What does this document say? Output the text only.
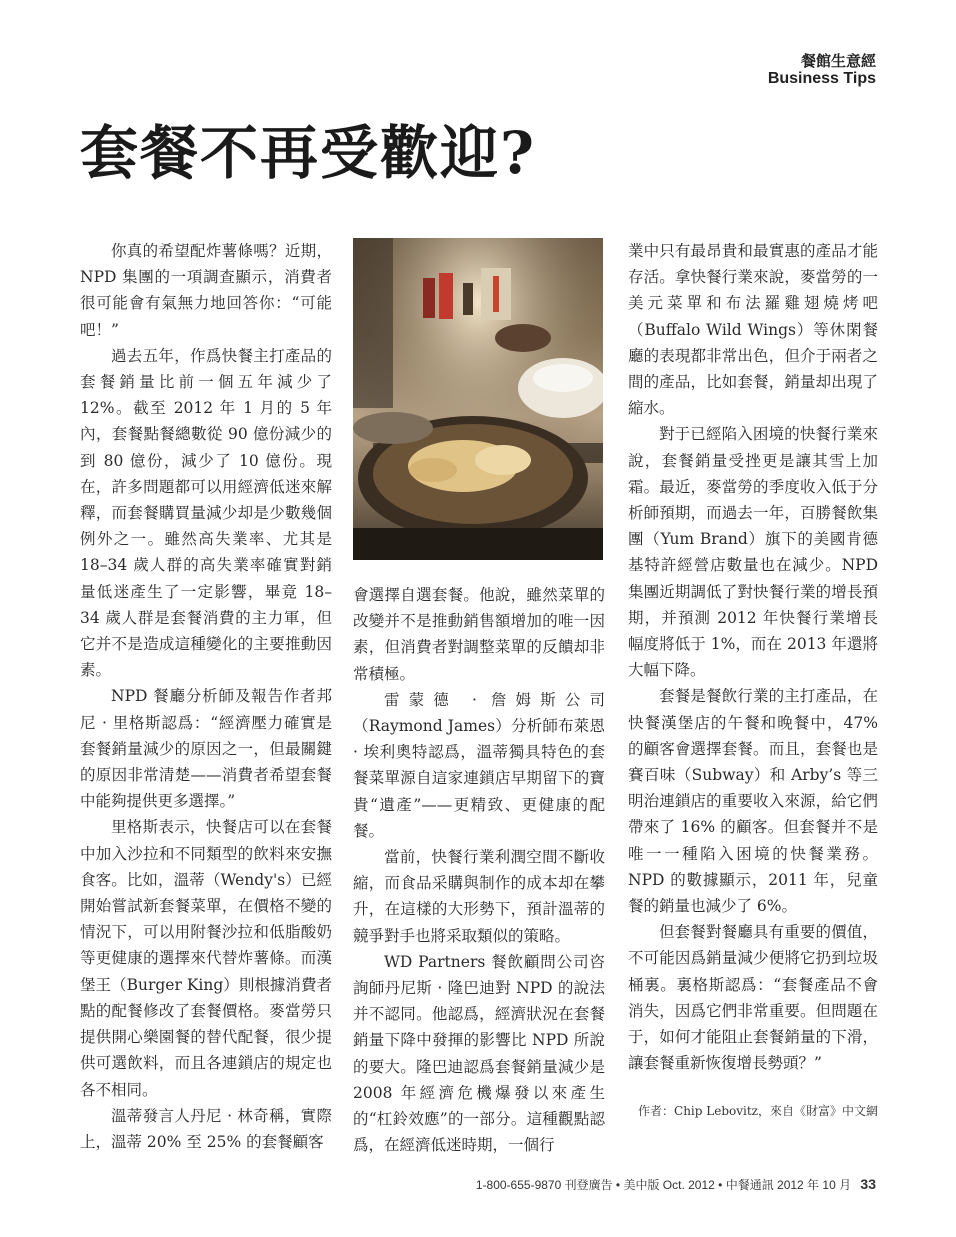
餐館生意經
Business Tips
套餐不再受歡迎?

你真的希望配炸薯條嗎？近期，NPD 集團的一項調查顯示，消費者很可能會有氣無力地回答你：“可能吧！”

過去五年，作爲快餐主打產品的套餐銷量比前一個五年減少了 12%。截至 2012 年 1 月的 5 年內，套餐點餐總數從 90 億份減少的到 80 億份，減少了 10 億份。現在，許多問題都可以用經濟低迷來解釋，而套餐購買量減少却是少數幾個例外之一。雖然高失業率、尤其是 18–34 歲人群的高失業率確實對銷量低迷產生了一定影響，畢竟 18–34 歲人群是套餐消費的主力軍，但它并不是造成這種變化的主要推動因素。

NPD 餐廳分析師及報告作者邦尼 · 里格斯認爲：“經濟壓力確實是套餐銷量減少的原因之一，但最關鍵的原因非常清楚——消費者希望套餐中能夠提供更多選擇。”

里格斯表示，快餐店可以在套餐中加入沙拉和不同類型的飲料來安撫食客。比如，溫蒂（Wendy's）已經開始嘗試新套餐菜單，在價格不變的情況下，可以用附餐沙拉和低脂酸奶等更健康的選擇來代替炸薯條。而漢堡王（Burger King）則根據消費者點的配餐修改了套餐價格。麥當勞只提供開心樂園餐的替代配餐，很少提供可選飲料，而且各連鎖店的規定也各不相同。

溫蒂發言人丹尼 · 林奇稱，實際上，溫蒂 20% 至 25% 的套餐顧客

會選擇自選套餐。他說，雖然菜單的改變并不是推動銷售額增加的唯一因素，但消費者對調整菜單的反饋却非常積極。

雷蒙德 · 詹姆斯公司（Raymond James）分析師布萊恩 · 埃利奧特認爲，溫蒂獨具特色的套餐菜單源自這家連鎖店早期留下的寶貴“遺產”——更精致、更健康的配餐。

當前，快餐行業利潤空間不斷收縮，而食品采購與制作的成本却在攀升，在這樣的大形勢下，預計溫蒂的競爭對手也將采取類似的策略。

WD Partners 餐飲顧問公司咨詢師丹尼斯 · 隆巴迪對 NPD 的說法并不認同。他認爲，經濟狀況在套餐銷量下降中發揮的影響比 NPD 所說的要大。隆巴迪認爲套餐銷量減少是 2008 年經濟危機爆發以來產生的“杠鈴效應”的一部分。這種觀點認爲，在經濟低迷時期，一個行

業中只有最昂貴和最實惠的產品才能存活。拿快餐行業來說，麥當勞的一美元菜單和布法羅雞翅燒烤吧（Buffalo Wild Wings）等休閑餐廳的表現都非常出色，但介于兩者之間的產品，比如套餐，銷量却出現了縮水。

對于已經陷入困境的快餐行業來說，套餐銷量受挫更是讓其雪上加霜。最近，麥當勞的季度收入低于分析師預期，而過去一年，百勝餐飲集團（Yum Brand）旗下的美國肯德基特許經營店數量也在減少。NPD 集團近期調低了對快餐行業的增長預期，并預測 2012 年快餐行業增長幅度將低于 1%，而在 2013 年還將大幅下降。

套餐是餐飲行業的主打產品，在快餐漢堡店的午餐和晚餐中，47% 的顧客會選擇套餐。而且，套餐也是賽百味（Subway）和 Arby’s 等三明治連鎖店的重要收入來源，給它們帶來了 16% 的顧客。但套餐并不是唯一一種陷入困境的快餐業務。NPD 的數據顯示，2011 年，兒童餐的銷量也減少了 6%。

但套餐對餐廳具有重要的價值，不可能因爲銷量減少便將它扔到垃圾桶裏。裏格斯認爲：“套餐產品不會消失，因爲它們非常重要。但問題在于，如何才能阻止套餐銷量的下滑，讓套餐重新恢復增長勢頭？”

作者：Chip Lebovitz，來自《財富》中文網
1-800-655-9870 刊登廣告 • 美中版 Oct. 2012 • 中餐通訊 2012 年 10 月 33
